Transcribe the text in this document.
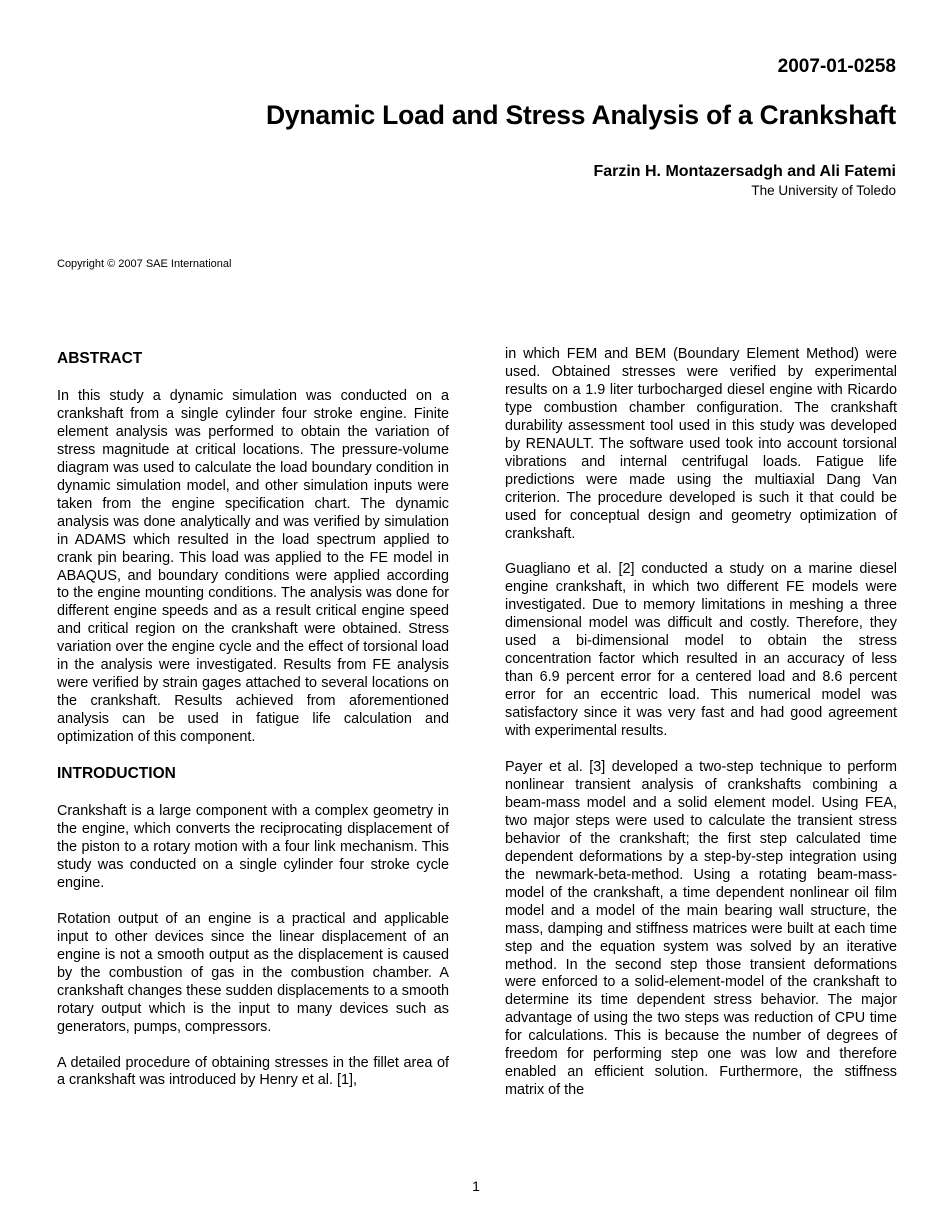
2007-01-0258

Dynamic Load and Stress Analysis of a Crankshaft

Farzin H. Montazersadgh and Ali Fatemi

The University of Toledo

Copyright © 2007 SAE International

ABSTRACT

In this study a dynamic simulation was conducted on a crankshaft from a single cylinder four stroke engine. Finite element analysis was performed to obtain the variation of stress magnitude at critical locations. The pressure-volume diagram was used to calculate the load boundary condition in dynamic simulation model, and other simulation inputs were taken from the engine specification chart. The dynamic analysis was done analytically and was verified by simulation in ADAMS which resulted in the load spectrum applied to crank pin bearing. This load was applied to the FE model in ABAQUS, and boundary conditions were applied according to the engine mounting conditions. The analysis was done for different engine speeds and as a result critical engine speed and critical region on the crankshaft were obtained. Stress variation over the engine cycle and the effect of torsional load in the analysis were investigated. Results from FE analysis were verified by strain gages attached to several locations on the crankshaft. Results achieved from aforementioned analysis can be used in fatigue life calculation and optimization of this component.

INTRODUCTION

Crankshaft is a large component with a complex geometry in the engine, which converts the reciprocating displacement of the piston to a rotary motion with a four link mechanism. This study was conducted on a single cylinder four stroke cycle engine.

Rotation output of an engine is a practical and applicable input to other devices since the linear displacement of an engine is not a smooth output as the displacement is caused by the combustion of gas in the combustion chamber. A crankshaft changes these sudden displacements to a smooth rotary output which is the input to many devices such as generators, pumps, compressors.

A detailed procedure of obtaining stresses in the fillet area of a crankshaft was introduced by Henry et al. [1],

in which FEM and BEM (Boundary Element Method) were used. Obtained stresses were verified by experimental results on a 1.9 liter turbocharged diesel engine with Ricardo type combustion chamber configuration. The crankshaft durability assessment tool used in this study was developed by RENAULT. The software used took into account torsional vibrations and internal centrifugal loads. Fatigue life predictions were made using the multiaxial Dang Van criterion. The procedure developed is such it that could be used for conceptual design and geometry optimization of crankshaft.

Guagliano et al. [2] conducted a study on a marine diesel engine crankshaft, in which two different FE models were investigated. Due to memory limitations in meshing a three dimensional model was difficult and costly. Therefore, they used a bi-dimensional model to obtain the stress concentration factor which resulted in an accuracy of less than 6.9 percent error for a centered load and 8.6 percent error for an eccentric load. This numerical model was satisfactory since it was very fast and had good agreement with experimental results.

Payer et al. [3] developed a two-step technique to perform nonlinear transient analysis of crankshafts combining a beam-mass model and a solid element model. Using FEA, two major steps were used to calculate the transient stress behavior of the crankshaft; the first step calculated time dependent deformations by a step-by-step integration using the newmark-beta-method. Using a rotating beam-mass-model of the crankshaft, a time dependent nonlinear oil film model and a model of the main bearing wall structure, the mass, damping and stiffness matrices were built at each time step and the equation system was solved by an iterative method. In the second step those transient deformations were enforced to a solid-element-model of the crankshaft to determine its time dependent stress behavior. The major advantage of using the two steps was reduction of CPU time for calculations. This is because the number of degrees of freedom for performing step one was low and therefore enabled an efficient solution. Furthermore, the stiffness matrix of the

1
